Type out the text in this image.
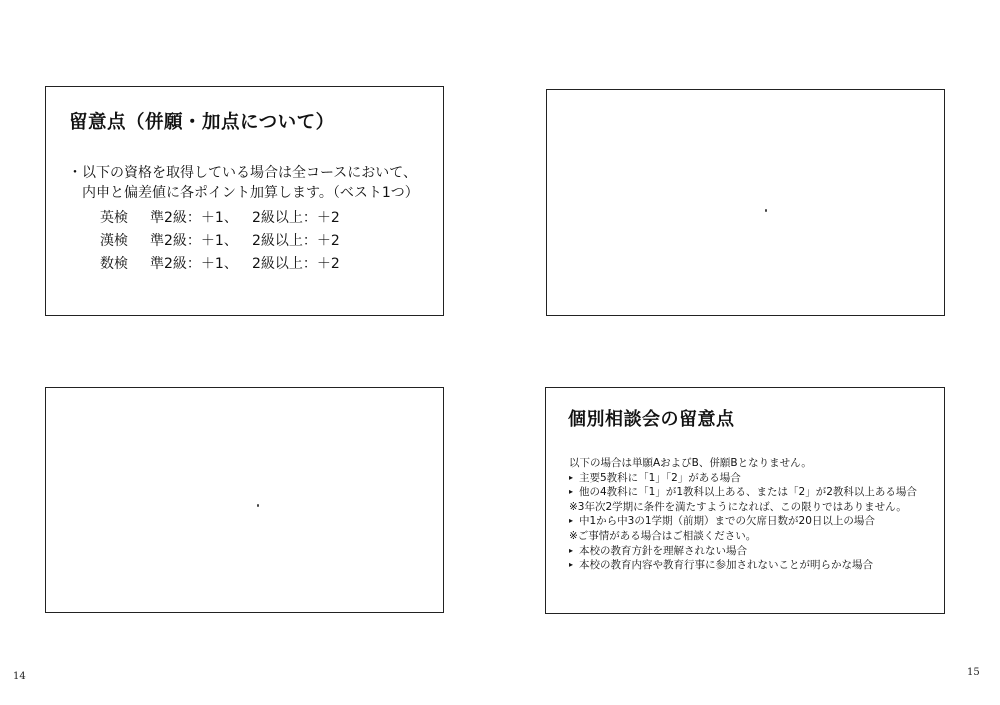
留意点（併願・加点について）
・以下の資格を取得している場合は全コースにおいて、
内申と偏差値に各ポイント加算します。（ベスト1つ）
英検 準2級：＋1、 2級以上：＋2
漢検 準2級：＋1、 2級以上：＋2
数検 準2級：＋1、 2級以上：＋2
個別相談会の留意点
以下の場合は単願AおよびB、併願Bとなりません。
▸ 主要5教科に「1」「2」がある場合
▸ 他の4教科に「1」が1教科以上ある、または「2」が2教科以上ある場合
※3年次2学期に条件を満たすようになれば、この限りではありません。
▸ 中1から中3の1学期（前期）までの欠席日数が20日以上の場合
※ご事情がある場合はご相談ください。
▸ 本校の教育方針を理解されない場合
▸ 本校の教育内容や教育行事に参加されないことが明らかな場合
14	15
